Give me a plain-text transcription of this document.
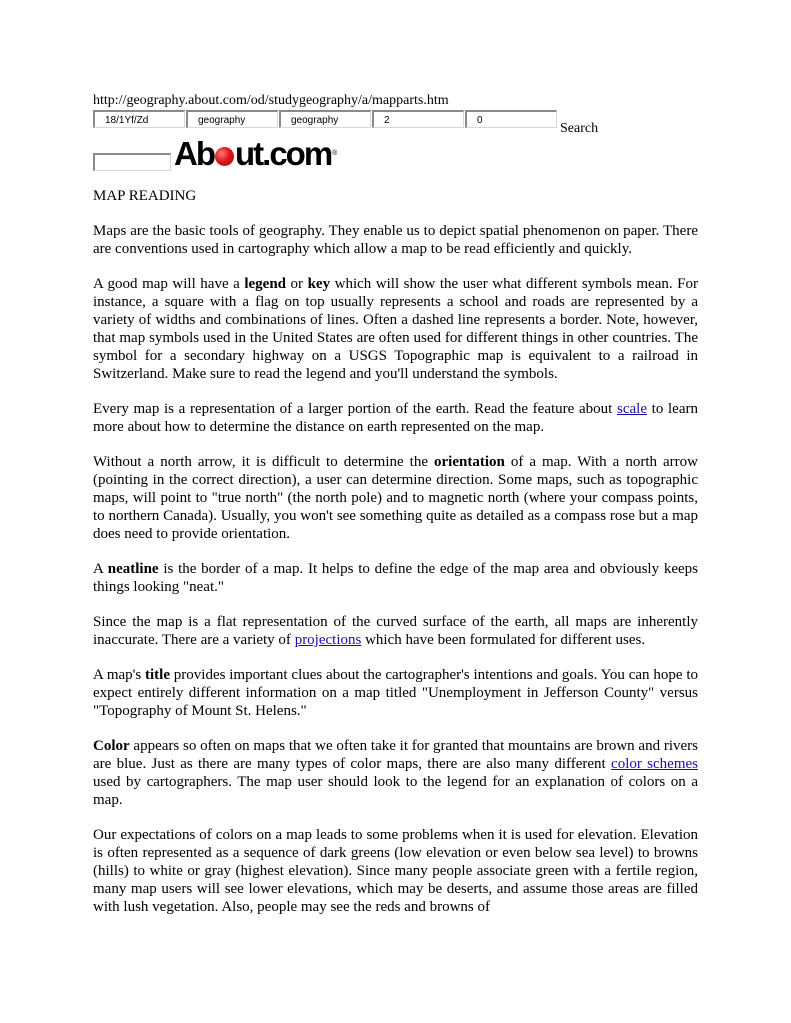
http://geography.about.com/od/studygeography/a/mapparts.htm

18/1Yf/Zd	geography	geography	2	0
Search
Ab ut.com ®

MAP READING

Maps are the basic tools of geography. They enable us to depict spatial phenomenon on paper. There are conventions used in cartography which allow a map to be read efficiently and quickly.

A good map will have a legend or key which will show the user what different symbols mean. For instance, a square with a flag on top usually represents a school and roads are represented by a variety of widths and combinations of lines. Often a dashed line represents a border. Note, however, that map symbols used in the United States are often used for different things in other countries. The symbol for a secondary highway on a USGS Topographic map is equivalent to a railroad in Switzerland. Make sure to read the legend and you'll understand the symbols.

Every map is a representation of a larger portion of the earth. Read the feature about scale to learn more about how to determine the distance on earth represented on the map.

Without a north arrow, it is difficult to determine the orientation of a map. With a north arrow (pointing in the correct direction), a user can determine direction. Some maps, such as topographic maps, will point to "true north" (the north pole) and to magnetic north (where your compass points, to northern Canada). Usually, you won't see something quite as detailed as a compass rose but a map does need to provide orientation.

A neatline is the border of a map. It helps to define the edge of the map area and obviously keeps things looking "neat."

Since the map is a flat representation of the curved surface of the earth, all maps are inherently inaccurate. There are a variety of projections which have been formulated for different uses.

A map's title provides important clues about the cartographer's intentions and goals. You can hope to expect entirely different information on a map titled "Unemployment in Jefferson County" versus "Topography of Mount St. Helens."

Color appears so often on maps that we often take it for granted that mountains are brown and rivers are blue. Just as there are many types of color maps, there are also many different color schemes used by cartographers. The map user should look to the legend for an explanation of colors on a map.

Our expectations of colors on a map leads to some problems when it is used for elevation. Elevation is often represented as a sequence of dark greens (low elevation or even below sea level) to browns (hills) to white or gray (highest elevation). Since many people associate green with a fertile region, many map users will see lower elevations, which may be deserts, and assume those areas are filled with lush vegetation. Also, people may see the reds and browns of
